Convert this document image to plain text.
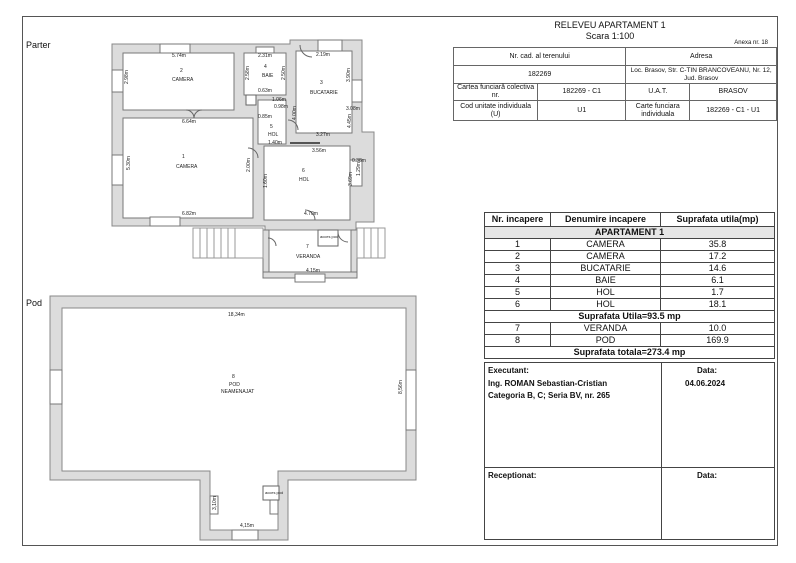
RELEVEU APARTAMENT 1
Scara 1:100
Anexa nr. 18
Parter
Pod
Nr. cad. al terenului		Adresa	
182269		Loc. Brasov, Str. C-TIN BRANCOVEANU, Nr. 12, Jud. Brasov	
Cartea funciară colectiva nr.	182269 - C1	U.A.T.	BRASOV
Cod unitate individuala (U)	U1	Carte funciara individuala	182269 - C1 - U1
2
CAMERA
4
BAIE
3
BUCATARIE
1
CAMERA
5
HOL
6
HOL
7
VERANDA
5.74m
2.98m
2.31m
2.58m	2.50m
2.19m
3.90m
3.08m
3.27m
4.00m
4.45m
0.63m
1.06m
0.98m
0.85m
1.40m
6.64m
5.30m
6.82m
3.56m
3.69m
1.29m
0.38m
2.00m
1.60m
4.70m
4.15m
acces pod
8
POD
NEAMENAJAT
18,34m
8,56m
3,10m
4,15m
acces pod
Nr. incapere	Denumire incapere	Suprafata utila(mp)
APARTAMENT 1		
1	CAMERA	35.8
2	CAMERA	17.2
3	BUCATARIE	14.6
4	BAIE	6.1
5	HOL	1.7
6	HOL	18.1
Suprafata Utila=93.5 mp		
7	VERANDA	10.0
8	POD	169.9
Suprafata totala=273.4 mp		
Executant:
Ing. ROMAN Sebastian-Cristian
Categoria B, C; Seria BV, nr. 265
Data:
04.06.2024
Receptionat:	Data:
